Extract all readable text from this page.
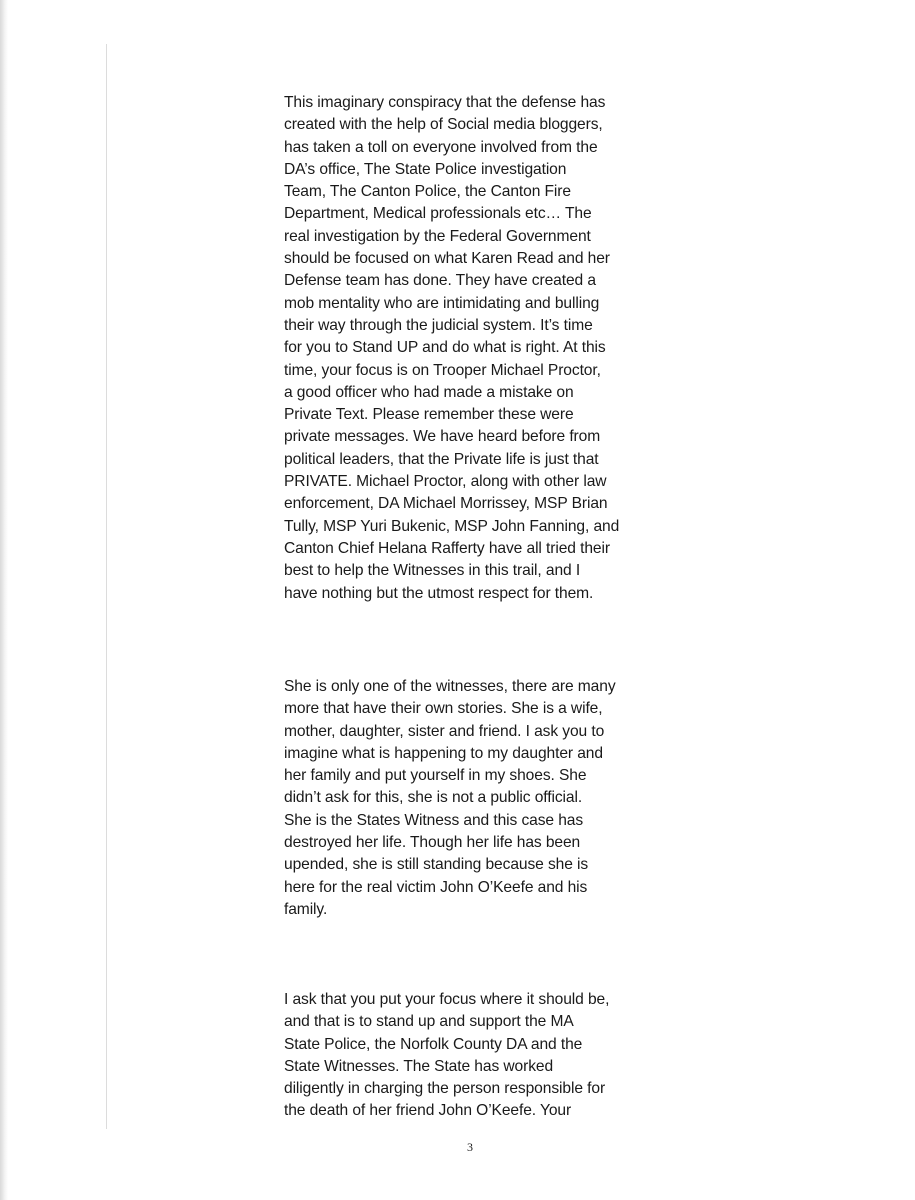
This imaginary conspiracy that the defense has
created with the help of Social media bloggers,
has taken a toll on everyone involved from the
DA’s office, The State Police investigation
Team, The Canton Police, the Canton Fire
Department, Medical professionals etc… The
real investigation by the Federal Government
should be focused on what Karen Read and her
Defense team has done. They have created a
mob mentality who are intimidating and bulling
their way through the judicial system. It’s time
for you to Stand UP and do what is right. At this
time, your focus is on Trooper Michael Proctor,
a good officer who had made a mistake on
Private Text. Please remember these were
private messages. We have heard before from
political leaders, that the Private life is just that
PRIVATE. Michael Proctor, along with other law
enforcement, DA Michael Morrissey, MSP Brian
Tully, MSP Yuri Bukenic, MSP John Fanning, and
Canton Chief Helana Rafferty have all tried their
best to help the Witnesses in this trail, and I
have nothing but the utmost respect for them.
She is only one of the witnesses, there are many
more that have their own stories. She is a wife,
mother, daughter, sister and friend. I ask you to
imagine what is happening to my daughter and
her family and put yourself in my shoes. She
didn’t ask for this, she is not a public official.
She is the States Witness and this case has
destroyed her life. Though her life has been
upended, she is still standing because she is
here for the real victim John O’Keefe and his
family.
I ask that you put your focus where it should be,
and that is to stand up and support the MA
State Police, the Norfolk County DA and the
State Witnesses. The State has worked
diligently in charging the person responsible for
the death of her friend John O’Keefe. Your
3
